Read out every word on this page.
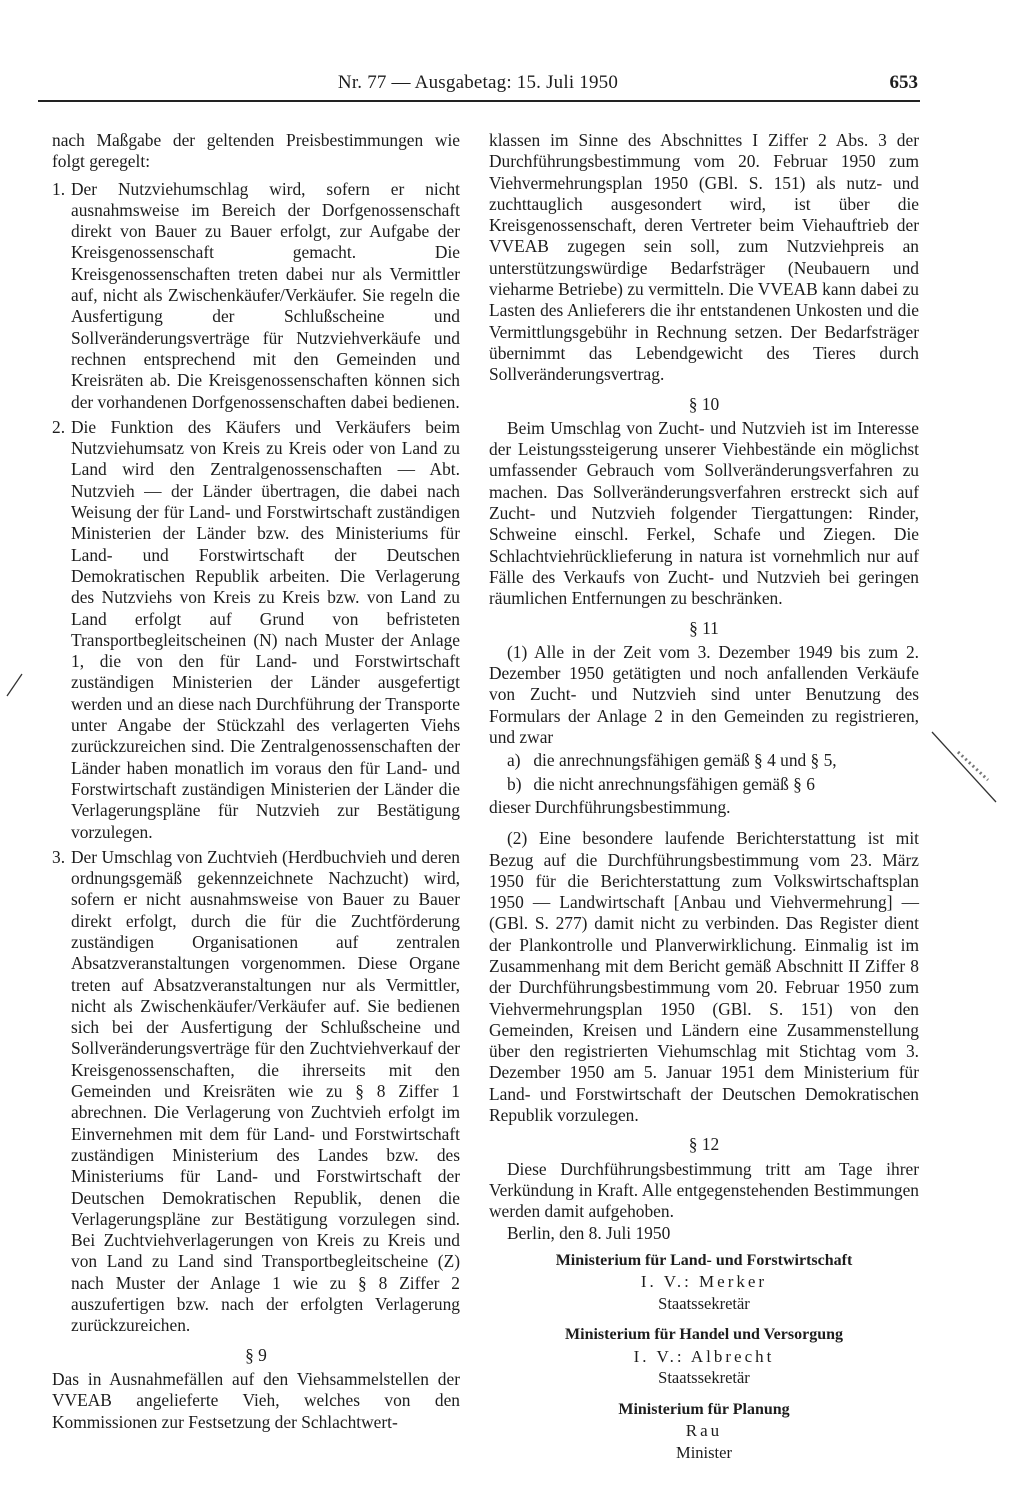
Nr. 77 — Ausgabetag: 15. Juli 1950	653

nach Maßgabe der geltenden Preisbestimmungen wie folgt geregelt:

1. Der Nutzviehumschlag wird, sofern er nicht ausnahmsweise im Bereich der Dorfgenossenschaft direkt von Bauer zu Bauer erfolgt, zur Aufgabe der Kreisgenossenschaft gemacht. Die Kreisgenossenschaften treten dabei nur als Vermittler auf, nicht als Zwischenkäufer/Verkäufer. Sie regeln die Ausfertigung der Schlußscheine und Sollveränderungsverträge für Nutzviehverkäufe und rechnen entsprechend mit den Gemeinden und Kreisräten ab. Die Kreisgenossenschaften können sich der vorhandenen Dorfgenossenschaften dabei bedienen.
2. Die Funktion des Käufers und Verkäufers beim Nutzviehumsatz von Kreis zu Kreis oder von Land zu Land wird den Zentralgenossenschaften — Abt. Nutzvieh — der Länder übertragen, die dabei nach Weisung der für Land- und Forstwirtschaft zuständigen Ministerien der Länder bzw. des Ministeriums für Land- und Forstwirtschaft der Deutschen Demokratischen Republik arbeiten. Die Verlagerung des Nutzviehs von Kreis zu Kreis bzw. von Land zu Land erfolgt auf Grund von befristeten Transportbegleitscheinen (N) nach Muster der Anlage 1, die von den für Land- und Forstwirtschaft zuständigen Ministerien der Länder ausgefertigt werden und an diese nach Durchführung der Transporte unter Angabe der Stückzahl des verlagerten Viehs zurückzureichen sind. Die Zentralgenossenschaften der Länder haben monatlich im voraus den für Land- und Forstwirtschaft zuständigen Ministerien der Länder die Verlagerungspläne für Nutzvieh zur Bestätigung vorzulegen.
3. Der Umschlag von Zuchtvieh (Herdbuchvieh und deren ordnungsgemäß gekennzeichnete Nachzucht) wird, sofern er nicht ausnahmsweise von Bauer zu Bauer direkt erfolgt, durch die für die Zuchtförderung zuständigen Organisationen auf zentralen Absatzveranstaltungen vorgenommen. Diese Organe treten auf Absatzveranstaltungen nur als Vermittler, nicht als Zwischenkäufer/Verkäufer auf. Sie bedienen sich bei der Ausfertigung der Schlußscheine und Sollveränderungsverträge für den Zuchtviehverkauf der Kreisgenossenschaften, die ihrerseits mit den Gemeinden und Kreisräten wie zu § 8 Ziffer 1 abrechnen. Die Verlagerung von Zuchtvieh erfolgt im Einvernehmen mit dem für Land- und Forstwirtschaft zuständigen Ministerium des Landes bzw. des Ministeriums für Land- und Forstwirtschaft der Deutschen Demokratischen Republik, denen die Verlagerungspläne zur Bestätigung vorzulegen sind. Bei Zuchtviehverlagerungen von Kreis zu Kreis und von Land zu Land sind Transportbegleitscheine (Z) nach Muster der Anlage 1 wie zu § 8 Ziffer 2 auszufertigen bzw. nach der erfolgten Verlagerung zurückzureichen.
§ 9

Das in Ausnahmefällen auf den Viehsammelstellen der VVEAB angelieferte Vieh, welches von den Kommissionen zur Festsetzung der Schlachtwert-

klassen im Sinne des Abschnittes I Ziffer 2 Abs. 3 der Durchführungsbestimmung vom 20. Februar 1950 zum Viehvermehrungsplan 1950 (GBl. S. 151) als nutz- und zuchttauglich ausgesondert wird, ist über die Kreisgenossenschaft, deren Vertreter beim Viehauftrieb der VVEAB zugegen sein soll, zum Nutzviehpreis an unterstützungswürdige Bedarfsträger (Neubauern und vieharme Betriebe) zu vermitteln. Die VVEAB kann dabei zu Lasten des Anlieferers die ihr entstandenen Unkosten und die Vermittlungsgebühr in Rechnung setzen. Der Bedarfsträger übernimmt das Lebendgewicht des Tieres durch Sollveränderungsvertrag.

§ 10

Beim Umschlag von Zucht- und Nutzvieh ist im Interesse der Leistungssteigerung unserer Viehbestände ein möglichst umfassender Gebrauch vom Sollveränderungsverfahren zu machen. Das Sollveränderungsverfahren erstreckt sich auf Zucht- und Nutzvieh folgender Tiergattungen: Rinder, Schweine einschl. Ferkel, Schafe und Ziegen. Die Schlachtviehrücklieferung in natura ist vornehmlich nur auf Fälle des Verkaufs von Zucht- und Nutzvieh bei geringen räumlichen Entfernungen zu beschränken.

§ 11

(1) Alle in der Zeit vom 3. Dezember 1949 bis zum 2. Dezember 1950 getätigten und noch anfallenden Verkäufe von Zucht- und Nutzvieh sind unter Benutzung des Formulars der Anlage 2 in den Gemeinden zu registrieren, und zwar

a) die anrechnungsfähigen gemäß § 4 und § 5,
b) die nicht anrechnungsfähigen gemäß § 6

dieser Durchführungsbestimmung.

(2) Eine besondere laufende Berichterstattung ist mit Bezug auf die Durchführungsbestimmung vom 23. März 1950 für die Berichterstattung zum Volkswirtschaftsplan 1950 — Landwirtschaft [Anbau und Viehvermehrung] — (GBl. S. 277) damit nicht zu verbinden. Das Register dient der Plankontrolle und Planverwirklichung. Einmalig ist im Zusammenhang mit dem Bericht gemäß Abschnitt II Ziffer 8 der Durchführungsbestimmung vom 20. Februar 1950 zum Viehvermehrungsplan 1950 (GBl. S. 151) von den Gemeinden, Kreisen und Ländern eine Zusammenstellung über den registrierten Viehumschlag mit Stichtag vom 3. Dezember 1950 am 5. Januar 1951 dem Ministerium für Land- und Forstwirtschaft der Deutschen Demokratischen Republik vorzulegen.

§ 12

Diese Durchführungsbestimmung tritt am Tage ihrer Verkündung in Kraft. Alle entgegenstehenden Bestimmungen werden damit aufgehoben.

Berlin, den 8. Juli 1950

Ministerium für Land- und Forstwirtschaft
I. V.: Merker
Staatssekretär
Ministerium für Handel und Versorgung
I. V.: Albrecht
Staatssekretär
Ministerium für Planung
Rau
Minister
